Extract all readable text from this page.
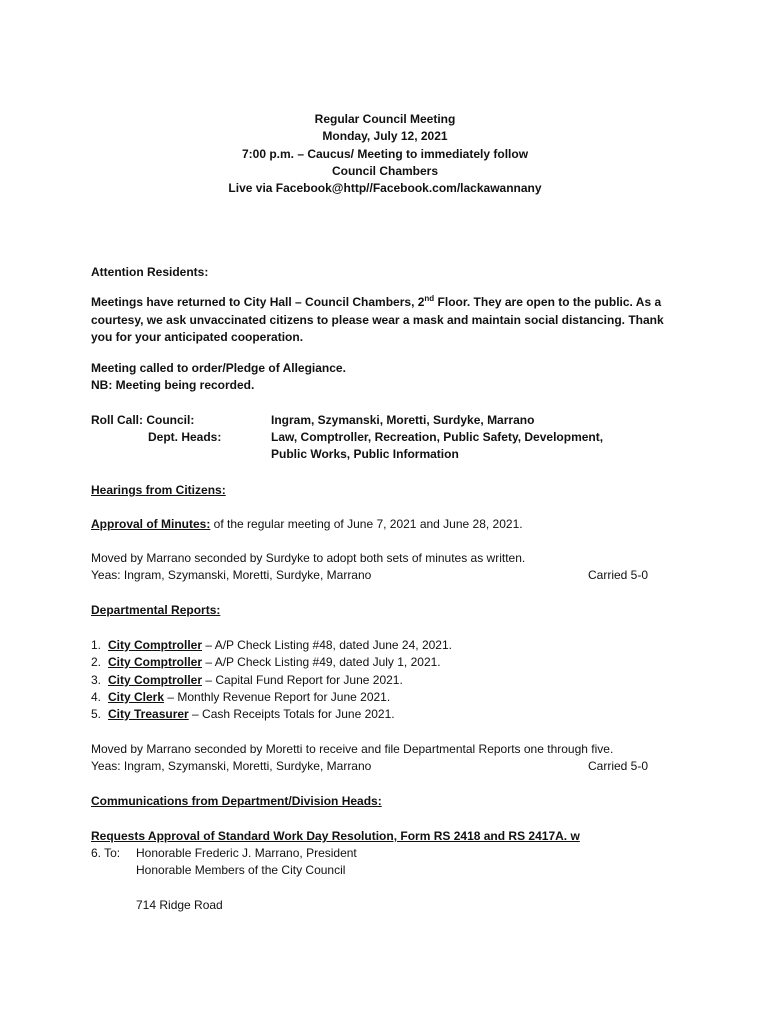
Regular Council Meeting
Monday, July 12, 2021
7:00 p.m. – Caucus/ Meeting to immediately follow
Council Chambers
Live via Facebook@http//Facebook.com/lackawannany
Attention Residents:
Meetings have returned to City Hall – Council Chambers, 2nd Floor. They are open to the public. As a
courtesy, we ask unvaccinated citizens to please wear a mask and maintain social distancing. Thank
you for your anticipated cooperation.
Meeting called to order/Pledge of Allegiance.
NB: Meeting being recorded.
Roll Call: Council:	Ingram, Szymanski, Moretti, Surdyke, Marrano
Dept. Heads:	Law, Comptroller, Recreation, Public Safety, Development,
Public Works, Public Information
Hearings from Citizens:
Approval of Minutes: of the regular meeting of June 7, 2021 and June 28, 2021.
Moved by Marrano seconded by Surdyke to adopt both sets of minutes as written.
Yeas: Ingram, Szymanski, Moretti, Surdyke, Marrano	Carried 5-0
Departmental Reports:
1. City Comptroller – A/P Check Listing #48, dated June 24, 2021.
2. City Comptroller – A/P Check Listing #49, dated July 1, 2021.
3. City Comptroller – Capital Fund Report for June 2021.
4. City Clerk – Monthly Revenue Report for June 2021.
5. City Treasurer – Cash Receipts Totals for June 2021.
Moved by Marrano seconded by Moretti to receive and file Departmental Reports one through five.
Yeas: Ingram, Szymanski, Moretti, Surdyke, Marrano	Carried 5-0
Communications from Department/Division Heads:
Requests Approval of Standard Work Day Resolution, Form RS 2418 and RS 2417A. w
6. To: Honorable Frederic J. Marrano, President
Honorable Members of the City Council
714 Ridge Road
